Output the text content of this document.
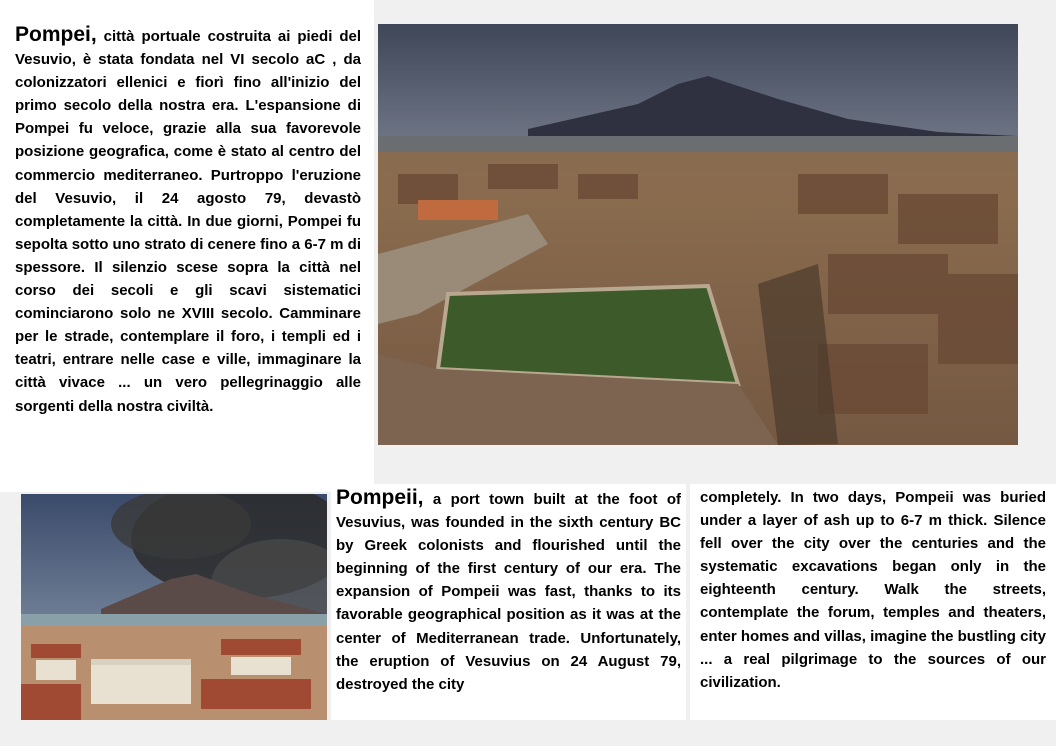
Pompei, città portuale costruita ai piedi del Vesuvio, è stata fondata nel VI secolo aC , da colonizzatori ellenici e fiorì fino all'inizio del primo secolo della nostra era. L'espansione di Pompei fu veloce, grazie alla sua favorevole posizione geografica, come è stato al centro del commercio mediterraneo. Purtroppo l'eruzione del Vesuvio, il 24 agosto 79, devastò completamente la città. In due giorni, Pompei fu sepolta sotto uno strato di cenere fino a 6-7 m di spessore. Il silenzio scese sopra la città nel corso dei secoli e gli scavi sistematici cominciarono solo ne XVIII secolo. Camminare per le strade, contemplare il foro, i templi ed i teatri, entrare nelle case e ville, immaginare la città vivace ... un vero pellegrinaggio alle sorgenti della nostra civiltà.

Pompeii, a port town built at the foot of Vesuvius, was founded in the sixth century BC by Greek colonists and flourished until the beginning of the first century of our era. The expansion of Pompeii was fast, thanks to its favorable geographical position as it was at the center of Mediterranean trade. Unfortunately, the eruption of Vesuvius on 24 August 79, destroyed the city

completely. In two days, Pompeii was buried under a layer of ash up to 6-7 m thick. Silence fell over the city over the centuries and the systematic excavations began only in the eighteenth century. Walk the streets, contemplate the forum, temples and theaters, enter homes and villas, imagine the bustling city ... a real pilgrimage to the sources of our civilization.
